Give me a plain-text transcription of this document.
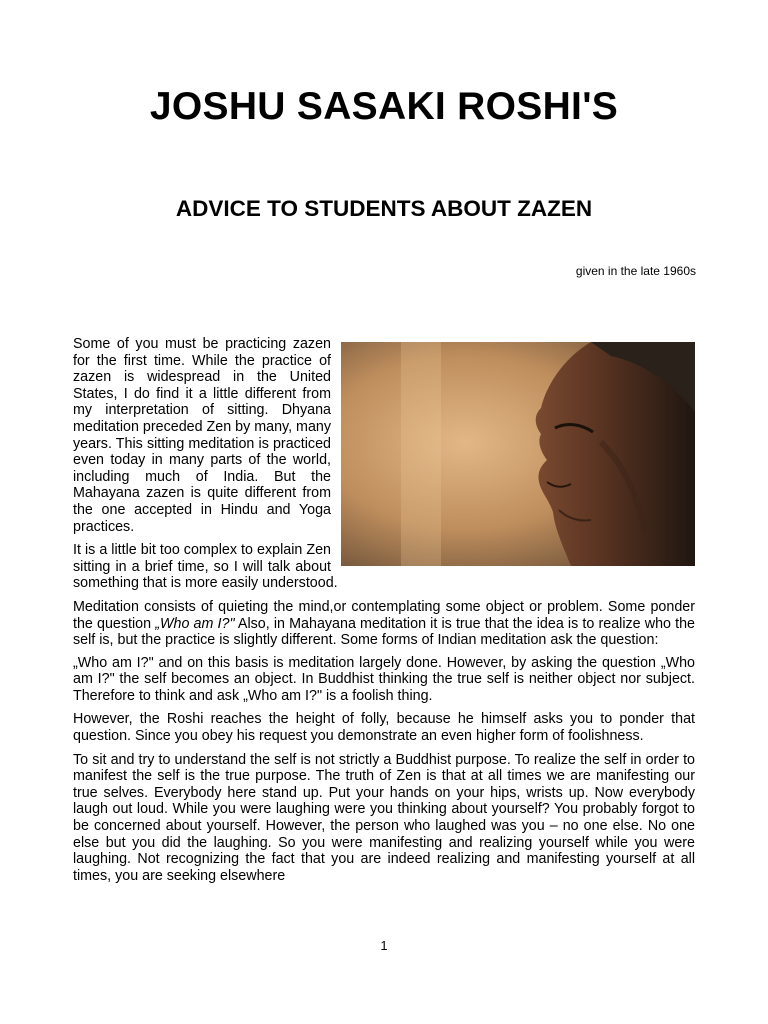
JOSHU SASAKI ROSHI'S
ADVICE TO STUDENTS ABOUT ZAZEN
given in the late 1960s

Some of you must be practicing zazen for the first time. While the practice of zazen is widespread in the United States, I do find it a little different from my interpretation of sitting. Dhyana meditation preceded Zen by many, many years. This sitting meditation is practiced even today in many parts of the world, including much of India. But the Mahayana zazen is quite different from the one accepted in Hindu and Yoga practices.

It is a little bit too complex to explain Zen sitting in a brief time, so I will talk about something that is more easily understood.

Meditation consists of quieting the mind,or contemplating some object or problem. Some ponder the question „Who am I?" Also, in Mahayana meditation it is true that the idea is to realize who the self is, but the practice is slightly different. Some forms of Indian meditation ask the question:

„Who am I?" and on this basis is meditation largely done. However, by asking the question „Who am I?" the self becomes an object. In Buddhist thinking the true self is neither object nor subject. Therefore to think and ask „Who am I?" is a foolish thing.

However, the Roshi reaches the height of folly, because he himself asks you to ponder that question. Since you obey his request you demonstrate an even higher form of foolishness.

To sit and try to understand the self is not strictly a Buddhist purpose. To realize the self in order to manifest the self is the true purpose. The truth of Zen is that at all times we are manifesting our true selves. Everybody here stand up. Put your hands on your hips, wrists up. Now everybody laugh out loud. While you were laughing were you thinking about yourself? You probably forgot to be concerned about yourself. However, the person who laughed was you – no one else. No one else but you did the laughing. So you were manifesting and realizing yourself while you were laughing. Not recognizing the fact that you are indeed realizing and manifesting yourself at all times, you are seeking elsewhere

1
